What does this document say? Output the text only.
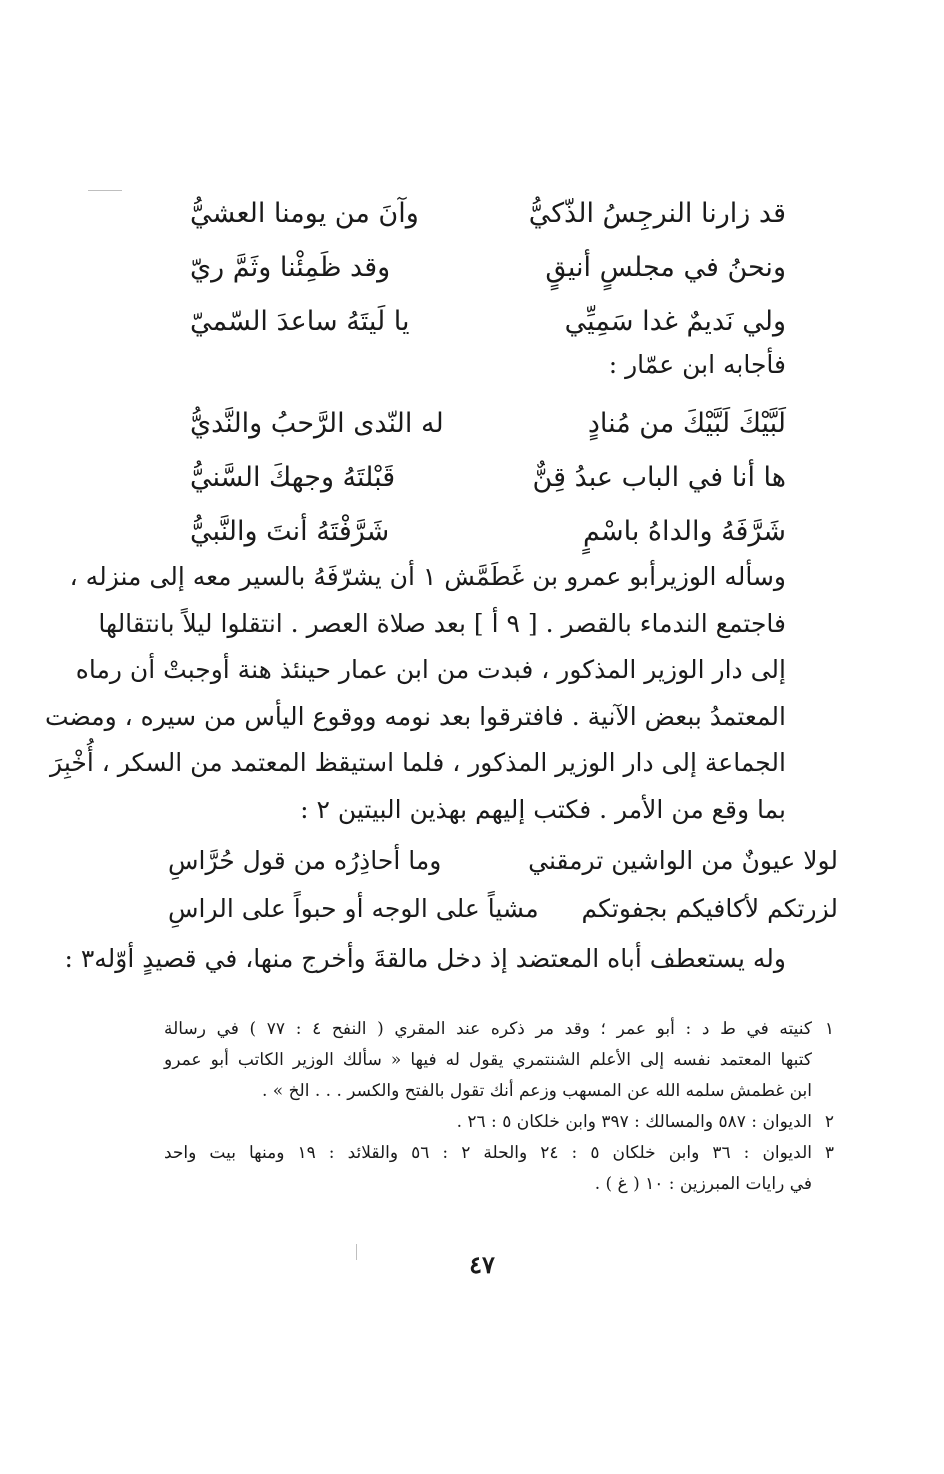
قد زارنا النرجِسُ الذّكيُّ
وآنَ من يومنا العشيُّ
ونحنُ في مجلسٍ أنيقٍ
وقد ظَمِئْنا وثَمَّ ريّ
ولي نَديمٌ غدا سَمِيِّي
يا لَيتَهُ ساعدَ السّميّ
فأجابه ابن عمّار :
لَبَّيْكَ لَبَّيْكَ من مُنادٍ
له النّدى الرَّحبُ والنَّديُّ
ها أنا في الباب عبدُ قِنٌّ
قَبْلتَهُ وجهكَ السَّنيُّ
شَرَّفَهُ والداهُ باسْمٍ
شَرَّفْتَهُ أنتَ والنَّبيُّ
وسأله الوزيرأبو عمرو بن غَطَمَّش ١ أن يشرّفَهُ بالسير معه إلى منزله ،
فاجتمع الندماء بالقصر . [ ٩ أ ] بعد صلاة العصر . انتقلوا ليلاً بانتقالها
إلى دار الوزير المذكور ، فبدت من ابن عمار حينئذ هنة أوجبتْ أن رماه
المعتمدُ ببعض الآنية . فافترقوا بعد نومه ووقوع اليأس من سيره ، ومضت
الجماعة إلى دار الوزير المذكور ، فلما استيقظ المعتمد من السكر ، أُخْبِرَ
بما وقع من الأمر . فكتب إليهم بهذين البيتين ٢ :
لولا عيونٌ من الواشين ترمقني
وما أحاذِرُه من قول حُرَّاسِ
لزرتكم لأكافيكم بجفوتكم
مشياً على الوجه أو حبواً على الراسِ
وله يستعطف أباه المعتضد إذ دخل مالقةَ وأخرج منها، في قصيدٍ أوّله٣ :
١
كنيته في ط د : أبو عمر ؛ وقد مر ذكره عند المقري ( النفح ٤ : ٧٧ ) في رسالة
كتبها المعتمد نفسه إلى الأعلم الشنتمري يقول له فيها « سألك الوزير الكاتب أبو عمرو
ابن غطمش سلمه الله عن المسهب وزعم أنك تقول بالفتح والكسر . . . الخ » .
٢
الديوان : ٥٨٧ والمسالك : ٣٩٧ وابن خلكان ٥ : ٢٦ .
٣
الديوان : ٣٦ وابن خلكان ٥ : ٢٤ والحلة ٢ : ٥٦ والقلائد : ١٩ ومنها بيت واحد
في رايات المبرزين : ١٠ ( غ ) .
٤٧
